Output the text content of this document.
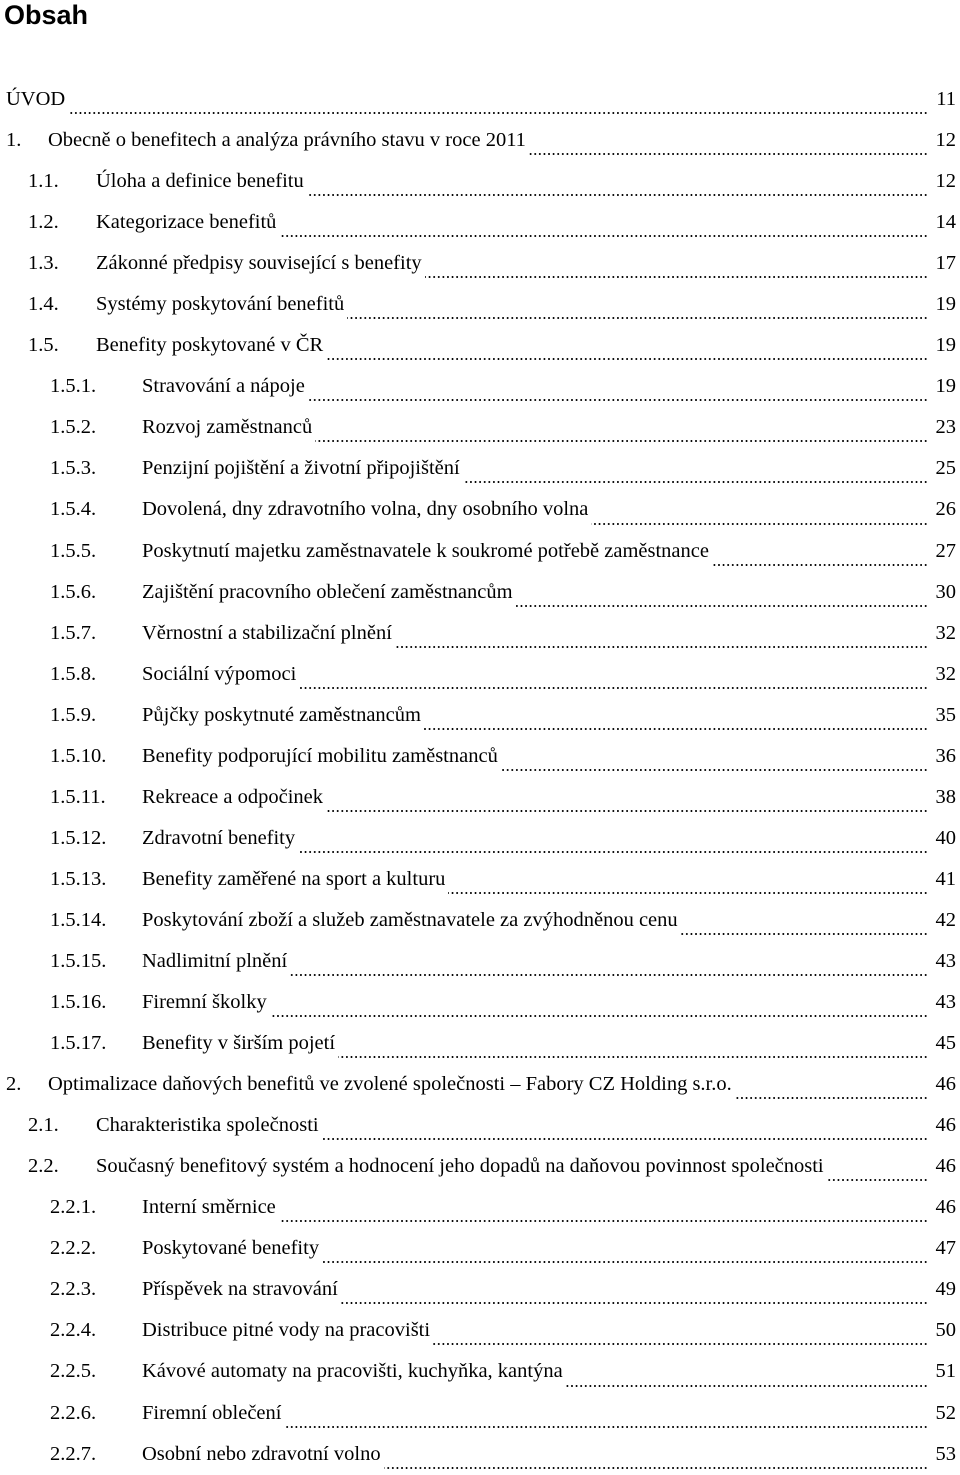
Obsah
ÚVOD	11
1. Obecně o benefitech a analýza právního stavu v roce 2011	12
1.1. Úloha a definice benefitu	12
1.2. Kategorizace benefitů	14
1.3. Zákonné předpisy související s benefity	17
1.4. Systémy poskytování benefitů	19
1.5. Benefity poskytované v ČR	19
1.5.1. Stravování a nápoje	19
1.5.2. Rozvoj zaměstnanců	23
1.5.3. Penzijní pojištění a životní připojištění	25
1.5.4. Dovolená, dny zdravotního volna, dny osobního volna	26
1.5.5. Poskytnutí majetku zaměstnavatele k soukromé potřebě zaměstnance	27
1.5.6. Zajištění pracovního oblečení zaměstnancům	30
1.5.7. Věrnostní a stabilizační plnění	32
1.5.8. Sociální výpomoci	32
1.5.9. Půjčky poskytnuté zaměstnancům	35
1.5.10. Benefity podporující mobilitu zaměstnanců	36
1.5.11. Rekreace a odpočinek	38
1.5.12. Zdravotní benefity	40
1.5.13. Benefity zaměřené na sport a kulturu	41
1.5.14. Poskytování zboží a služeb zaměstnavatele za zvýhodněnou cenu	42
1.5.15. Nadlimitní plnění	43
1.5.16. Firemní školky	43
1.5.17. Benefity v širším pojetí	45
2. Optimalizace daňových benefitů ve zvolené společnosti – Fabory CZ Holding s.r.o.	46
2.1. Charakteristika společnosti	46
2.2. Současný benefitový systém a hodnocení jeho dopadů na daňovou povinnost společnosti	46
2.2.1. Interní směrnice	46
2.2.2. Poskytované benefity	47
2.2.3. Příspěvek na stravování	49
2.2.4. Distribuce pitné vody na pracovišti	50
2.2.5. Kávové automaty na pracovišti, kuchyňka, kantýna	51
2.2.6. Firemní oblečení	52
2.2.7. Osobní nebo zdravotní volno	53
